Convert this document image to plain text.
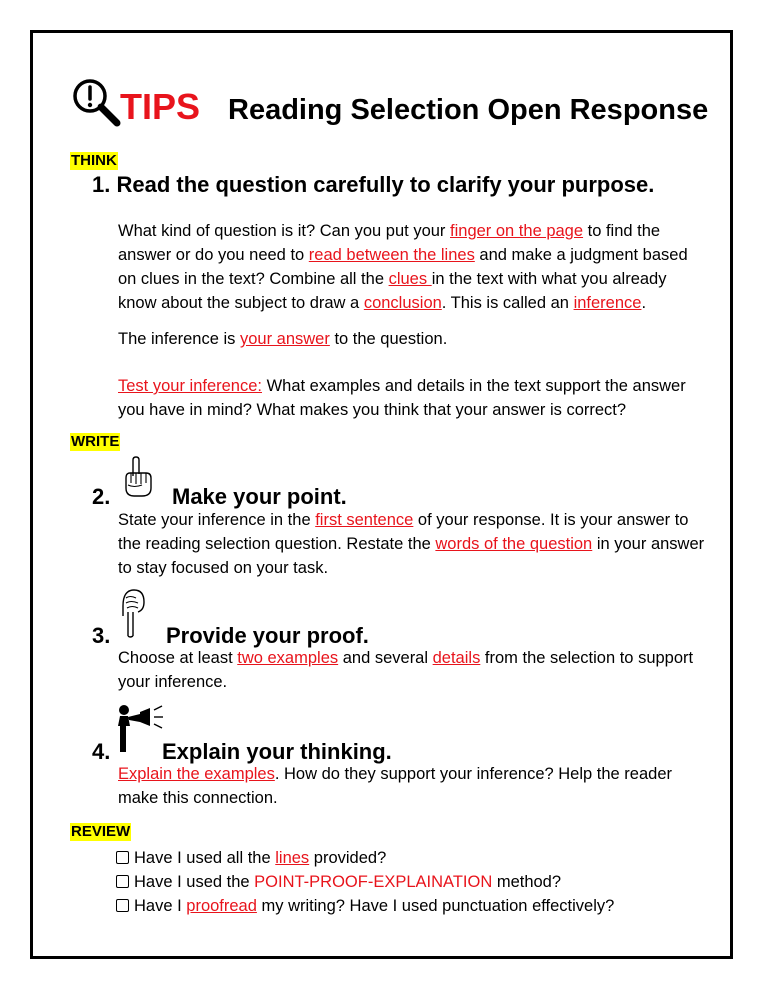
TIPS Reading Selection Open Response
THINK
1. Read the question carefully to clarify your purpose.

What kind of question is it? Can you put your finger on the page to find the answer or do you need to read between the lines and make a judgment based on clues in the text? Combine all the clues in the text with what you already know about the subject to draw a conclusion. This is called an inference.

The inference is your answer to the question.

Test your inference: What examples and details in the text support the answer you have in mind? What makes you think that your answer is correct?

WRITE
2.	Make your point.

State your inference in the first sentence of your response. It is your answer to the reading selection question. Restate the words of the question in your answer to stay focused on your task.

3.	Provide your proof.

Choose at least two examples and several details from the selection to support your inference.

4. Explain your thinking.

Explain the examples. How do they support your inference? Help the reader make this connection.

REVIEW
Have I used all the lines provided?
Have I used the POINT-PROOF-EXPLAINATION method?
Have I proofread my writing? Have I used punctuation effectively?
